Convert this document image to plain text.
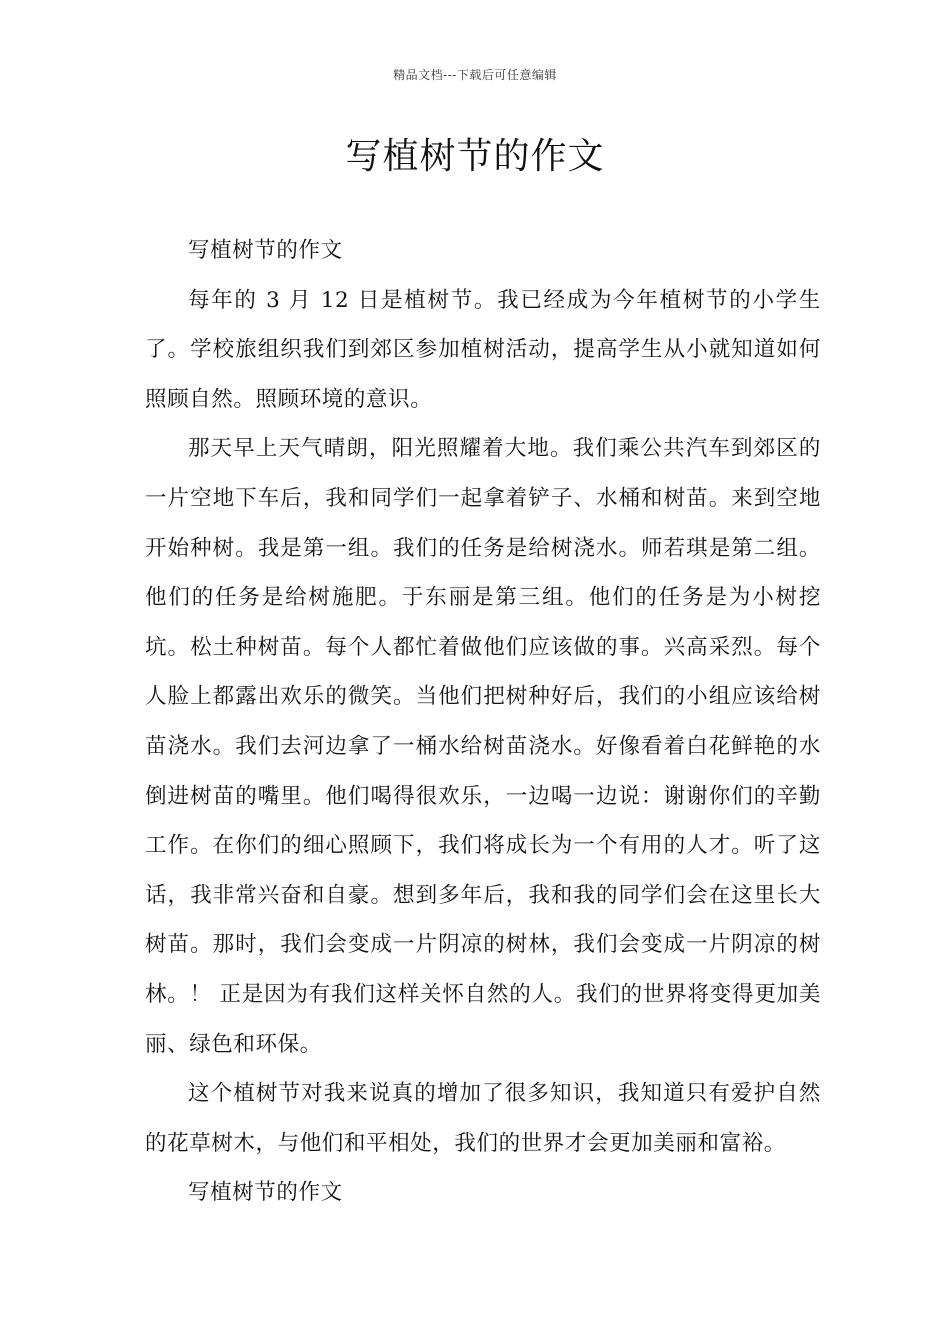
精品文档---下载后可任意编辑
写植树节的作文

写植树节的作文

每年的 3 月 12 日是植树节。我已经成为今年植树节的小学生了。学校旅组织我们到郊区参加植树活动，提高学生从小就知道如何照顾自然。照顾环境的意识。

那天早上天气晴朗，阳光照耀着大地。我们乘公共汽车到郊区的一片空地下车后，我和同学们一起拿着铲子、水桶和树苗。来到空地开始种树。我是第一组。我们的任务是给树浇水。师若琪是第二组。他们的任务是给树施肥。于东丽是第三组。他们的任务是为小树挖坑。松土种树苗。每个人都忙着做他们应该做的事。兴高采烈。每个人脸上都露出欢乐的微笑。当他们把树种好后，我们的小组应该给树苗浇水。我们去河边拿了一桶水给树苗浇水。好像看着白花鲜艳的水倒进树苗的嘴里。他们喝得很欢乐，一边喝一边说：谢谢你们的辛勤工作。在你们的细心照顾下，我们将成长为一个有用的人才。听了这话，我非常兴奋和自豪。想到多年后，我和我的同学们会在这里长大树苗。那时，我们会变成一片阴凉的树林，我们会变成一片阴凉的树林。！ 正是因为有我们这样关怀自然的人。我们的世界将变得更加美丽、绿色和环保。

这个植树节对我来说真的增加了很多知识，我知道只有爱护自然的花草树木，与他们和平相处，我们的世界才会更加美丽和富裕。

写植树节的作文
